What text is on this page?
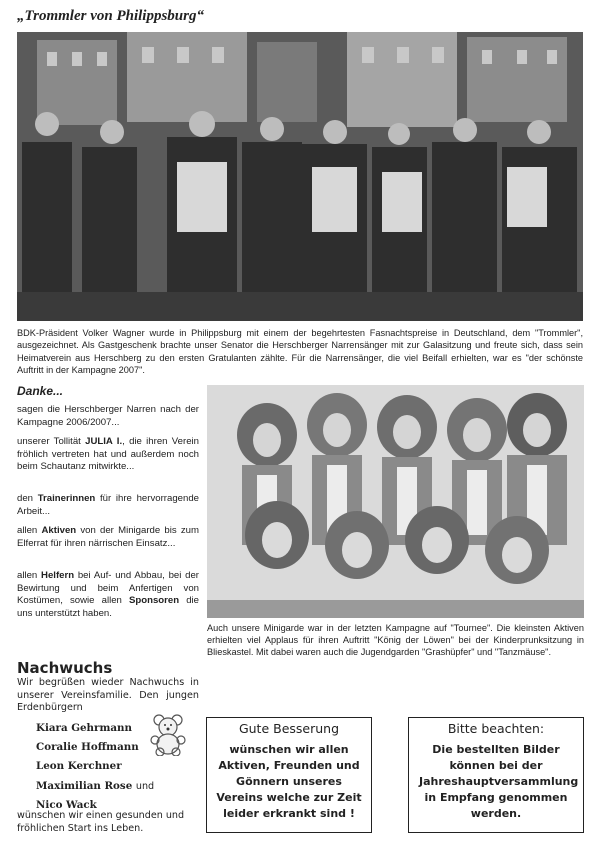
„Trommler von Philippsburg“
BDK-Präsident Volker Wagner wurde in Philippsburg mit einem der begehrtesten Fasnachtspreise in Deutschland, dem "Trommler", ausgezeichnet. Als Gastgeschenk brachte unser Senator die Herschberger Narrensänger mit zur Galasitzung und freute sich, dass sein Heimatverein aus Herschberg zu den ersten Gratulanten zählte. Für die Narrensänger, die viel Beifall erhielten, war es "der schönste Auftritt in der Kampagne 2007".
Danke...
sagen die Herschberger Narren nach der Kampagne 2006/2007...
unserer Tollität JULIA I., die ihren Verein fröhlich vertreten hat und außerdem noch beim Schautanz mitwirkte...
den Trainerinnen für ihre hervorragende Arbeit...
allen Aktiven von der Minigarde bis zum Elferrat für ihren närrischen Einsatz...
allen Helfern bei Auf- und Abbau, bei der Bewirtung und beim Anfertigen von Kostümen, sowie allen Sponsoren die uns unterstützt haben.
Auch unsere Minigarde war in der letzten Kampagne auf "Tournee". Die kleinsten Aktiven erhielten viel Applaus für ihren Auftritt "König der Löwen" bei der Kinderprunksitzung in Blieskastel. Mit dabei waren auch die Jugendgarden "Grashüpfer" und "Tanzmäuse".
Nachwuchs
Wir begrüßen wieder Nachwuchs in unserer Vereinsfamilie. Den jungen Erdenbürgern
Kiara Gehrmann
Coralie Hoffmann
Leon Kerchner
Maximilian Rose und
Nico Wack
wünschen wir einen gesunden und fröhlichen Start ins Leben.
Gute Besserung
wünschen wir allen Aktiven, Freunden und Gönnern unseres Vereins welche zur Zeit leider erkrankt sind !
Bitte beachten:
Die bestellten Bilder können bei der Jahreshauptversammlung in Empfang genommen werden.
